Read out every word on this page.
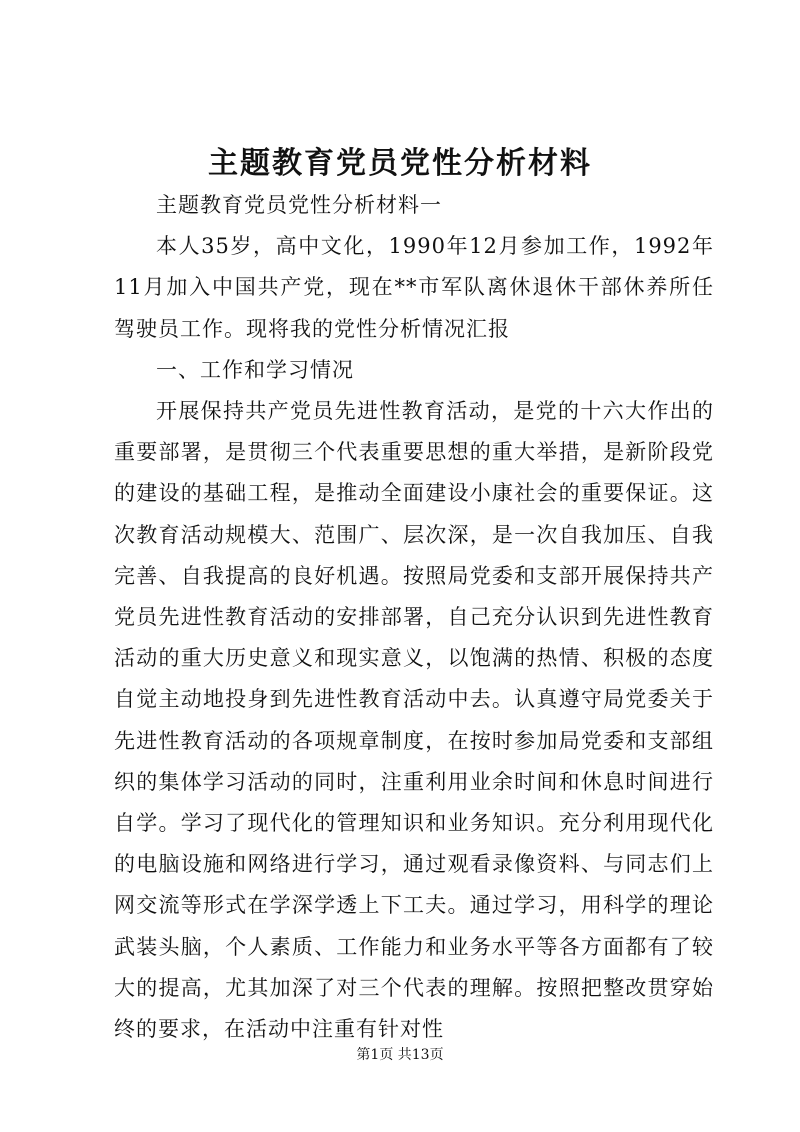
主题教育党员党性分析材料

主题教育党员党性分析材料一

本人35岁，高中文化，1990年12月参加工作，1992年11月加入中国共产党，现在**市军队离休退休干部休养所任驾驶员工作。现将我的党性分析情况汇报

一、工作和学习情况

开展保持共产党员先进性教育活动，是党的十六大作出的重要部署，是贯彻三个代表重要思想的重大举措，是新阶段党的建设的基础工程，是推动全面建设小康社会的重要保证。这次教育活动规模大、范围广、层次深，是一次自我加压、自我完善、自我提高的良好机遇。按照局党委和支部开展保持共产党员先进性教育活动的安排部署，自己充分认识到先进性教育活动的重大历史意义和现实意义，以饱满的热情、积极的态度自觉主动地投身到先进性教育活动中去。认真遵守局党委关于先进性教育活动的各项规章制度，在按时参加局党委和支部组织的集体学习活动的同时，注重利用业余时间和休息时间进行自学。学习了现代化的管理知识和业务知识。充分利用现代化的电脑设施和网络进行学习，通过观看录像资料、与同志们上网交流等形式在学深学透上下工夫。通过学习，用科学的理论武装头脑，个人素质、工作能力和业务水平等各方面都有了较大的提高，尤其加深了对三个代表的理解。按照把整改贯穿始终的要求，在活动中注重有针对性

第1页 共13页
